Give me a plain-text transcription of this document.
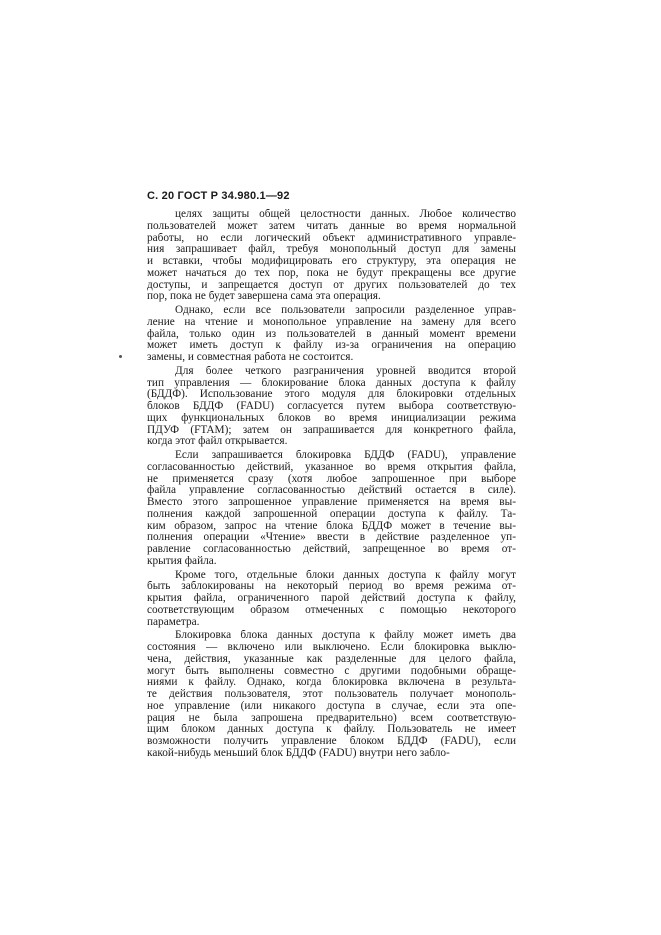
С. 20 ГОСТ Р 34.980.1—92
целях защиты общей целостности данных. Любое количество
пользователей может затем читать данные во время нормальной
работы, но если логический объект административного управле-
ния запрашивает файл, требуя монопольный доступ для замены
и вставки, чтобы модифицировать его структуру, эта операция не
может начаться до тех пор, пока не будут прекращены все другие
доступы, и запрещается доступ от других пользователей до тех
пор, пока не будет завершена сама эта операция.
Однако, если все пользователи запросили разделенное управ-
ление на чтение и монопольное управление на замену для всего
файла, только один из пользователей в данный момент времени
может иметь доступ к файлу из-за ограничения на операцию
замены, и совместная работа не состоится.
Для более четкого разграничения уровней вводится второй
тип управления — блокирование блока данных доступа к файлу
(БДДФ). Использование этого модуля для блокировки отдельных
блоков БДДФ (FADU) согласуется путем выбора соответствую-
щих функциональных блоков во время инициализации режима
ПДУФ (FTAM); затем он запрашивается для конкретного файла,
когда этот файл открывается.
Если запрашивается блокировка БДДФ (FADU), управление
согласованностью действий, указанное во время открытия файла,
не применяется сразу (хотя любое запрошенное при выборе
файла управление согласованностью действий остается в силе).
Вместо этого запрошенное управление применяется на время вы-
полнения каждой запрошенной операции доступа к файлу. Та-
ким образом, запрос на чтение блока БДДФ может в течение вы-
полнения операции «Чтение» ввести в действие разделенное уп-
равление согласованностью действий, запрещенное во время от-
крытия файла.
Кроме того, отдельные блоки данных доступа к файлу могут
быть заблокированы на некоторый период во время режима от-
крытия файла, ограниченного парой действий доступа к файлу,
соответствующим образом отмеченных с помощью некоторого
параметра.
Блокировка блока данных доступа к файлу может иметь два
состояния — включено или выключено. Если блокировка выклю-
чена, действия, указанные как разделенные для целого файла,
могут быть выполнены совместно с другими подобными обраще-
ниями к файлу. Однако, когда блокировка включена в результа-
те действия пользователя, этот пользователь получает монополь-
ное управление (или никакого доступа в случае, если эта опе-
рация не была запрошена предварительно) всем соответствую-
щим блоком данных доступа к файлу. Пользователь не имеет
возможности получить управление блоком БДДФ (FADU), если
какой-нибудь меньший блок БДДФ (FADU) внутри него забло-
